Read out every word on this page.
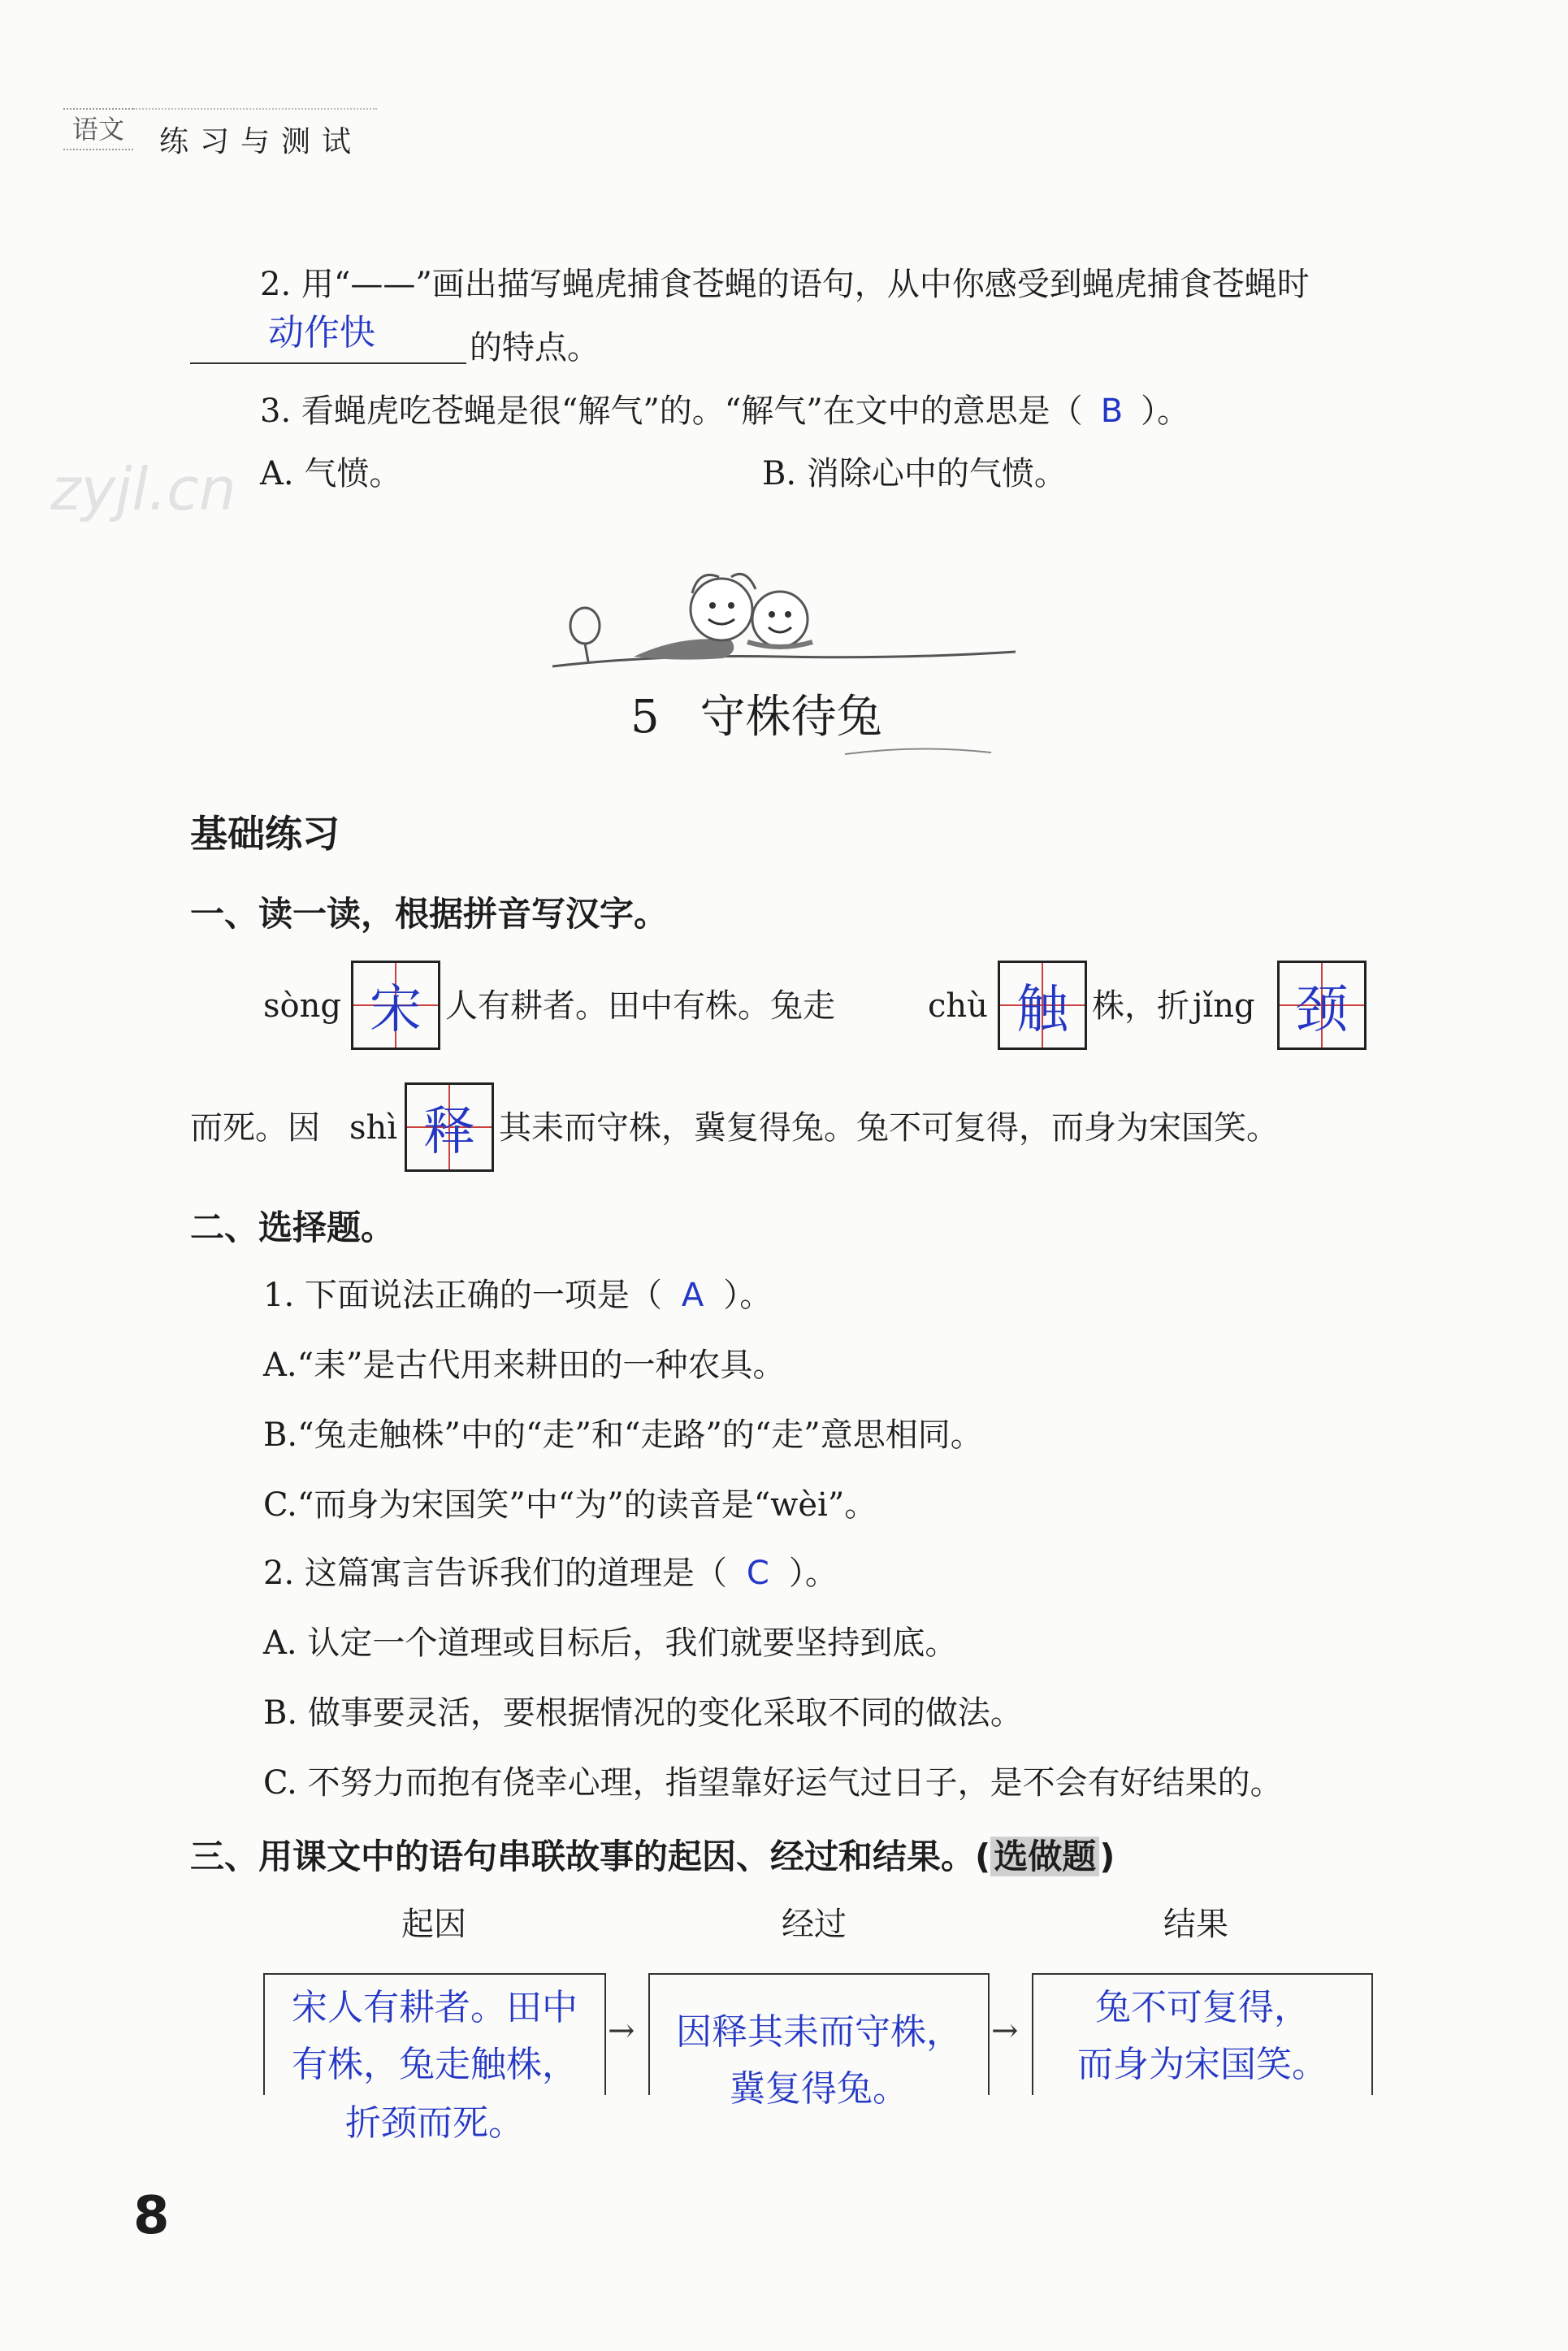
语文	练习与测试
zyjl.cn
2. 用“——”画出描写蝇虎捕食苍蝇的语句，从中你感受到蝇虎捕食苍蝇时
动作快	的特点。
3. 看蝇虎吃苍蝇是很“解气”的。“解气”在文中的意思是（ B ）。
A. 气愤。	B. 消除心中的气愤。
5 守株待兔
基础练习
一、读一读，根据拼音写汉字。
sòng 宋 人有耕者。田中有株。兔走	chù 触 株，折 jǐng 颈
而死。因 shì 释 其耒而守株，冀复得兔。兔不可复得，而身为宋国笑。
二、选择题。
1. 下面说法正确的一项是（ A ）。
A.“耒”是古代用来耕田的一种农具。
B.“兔走触株”中的“走”和“走路”的“走”意思相同。
C.“而身为宋国笑”中“为”的读音是“wèi”。
2. 这篇寓言告诉我们的道理是（ C ）。
A. 认定一个道理或目标后，我们就要坚持到底。
B. 做事要灵活，要根据情况的变化采取不同的做法。
C. 不努力而抱有侥幸心理，指望靠好运气过日子，是不会有好结果的。
三、用课文中的语句串联故事的起因、经过和结果。(选做题)
起因	经过	结果
宋人有耕者。田中
有株，兔走触株，
折颈而死。
→	因释其耒而守株，
冀复得兔。
→
兔不可复得，
而身为宋国笑。
8
